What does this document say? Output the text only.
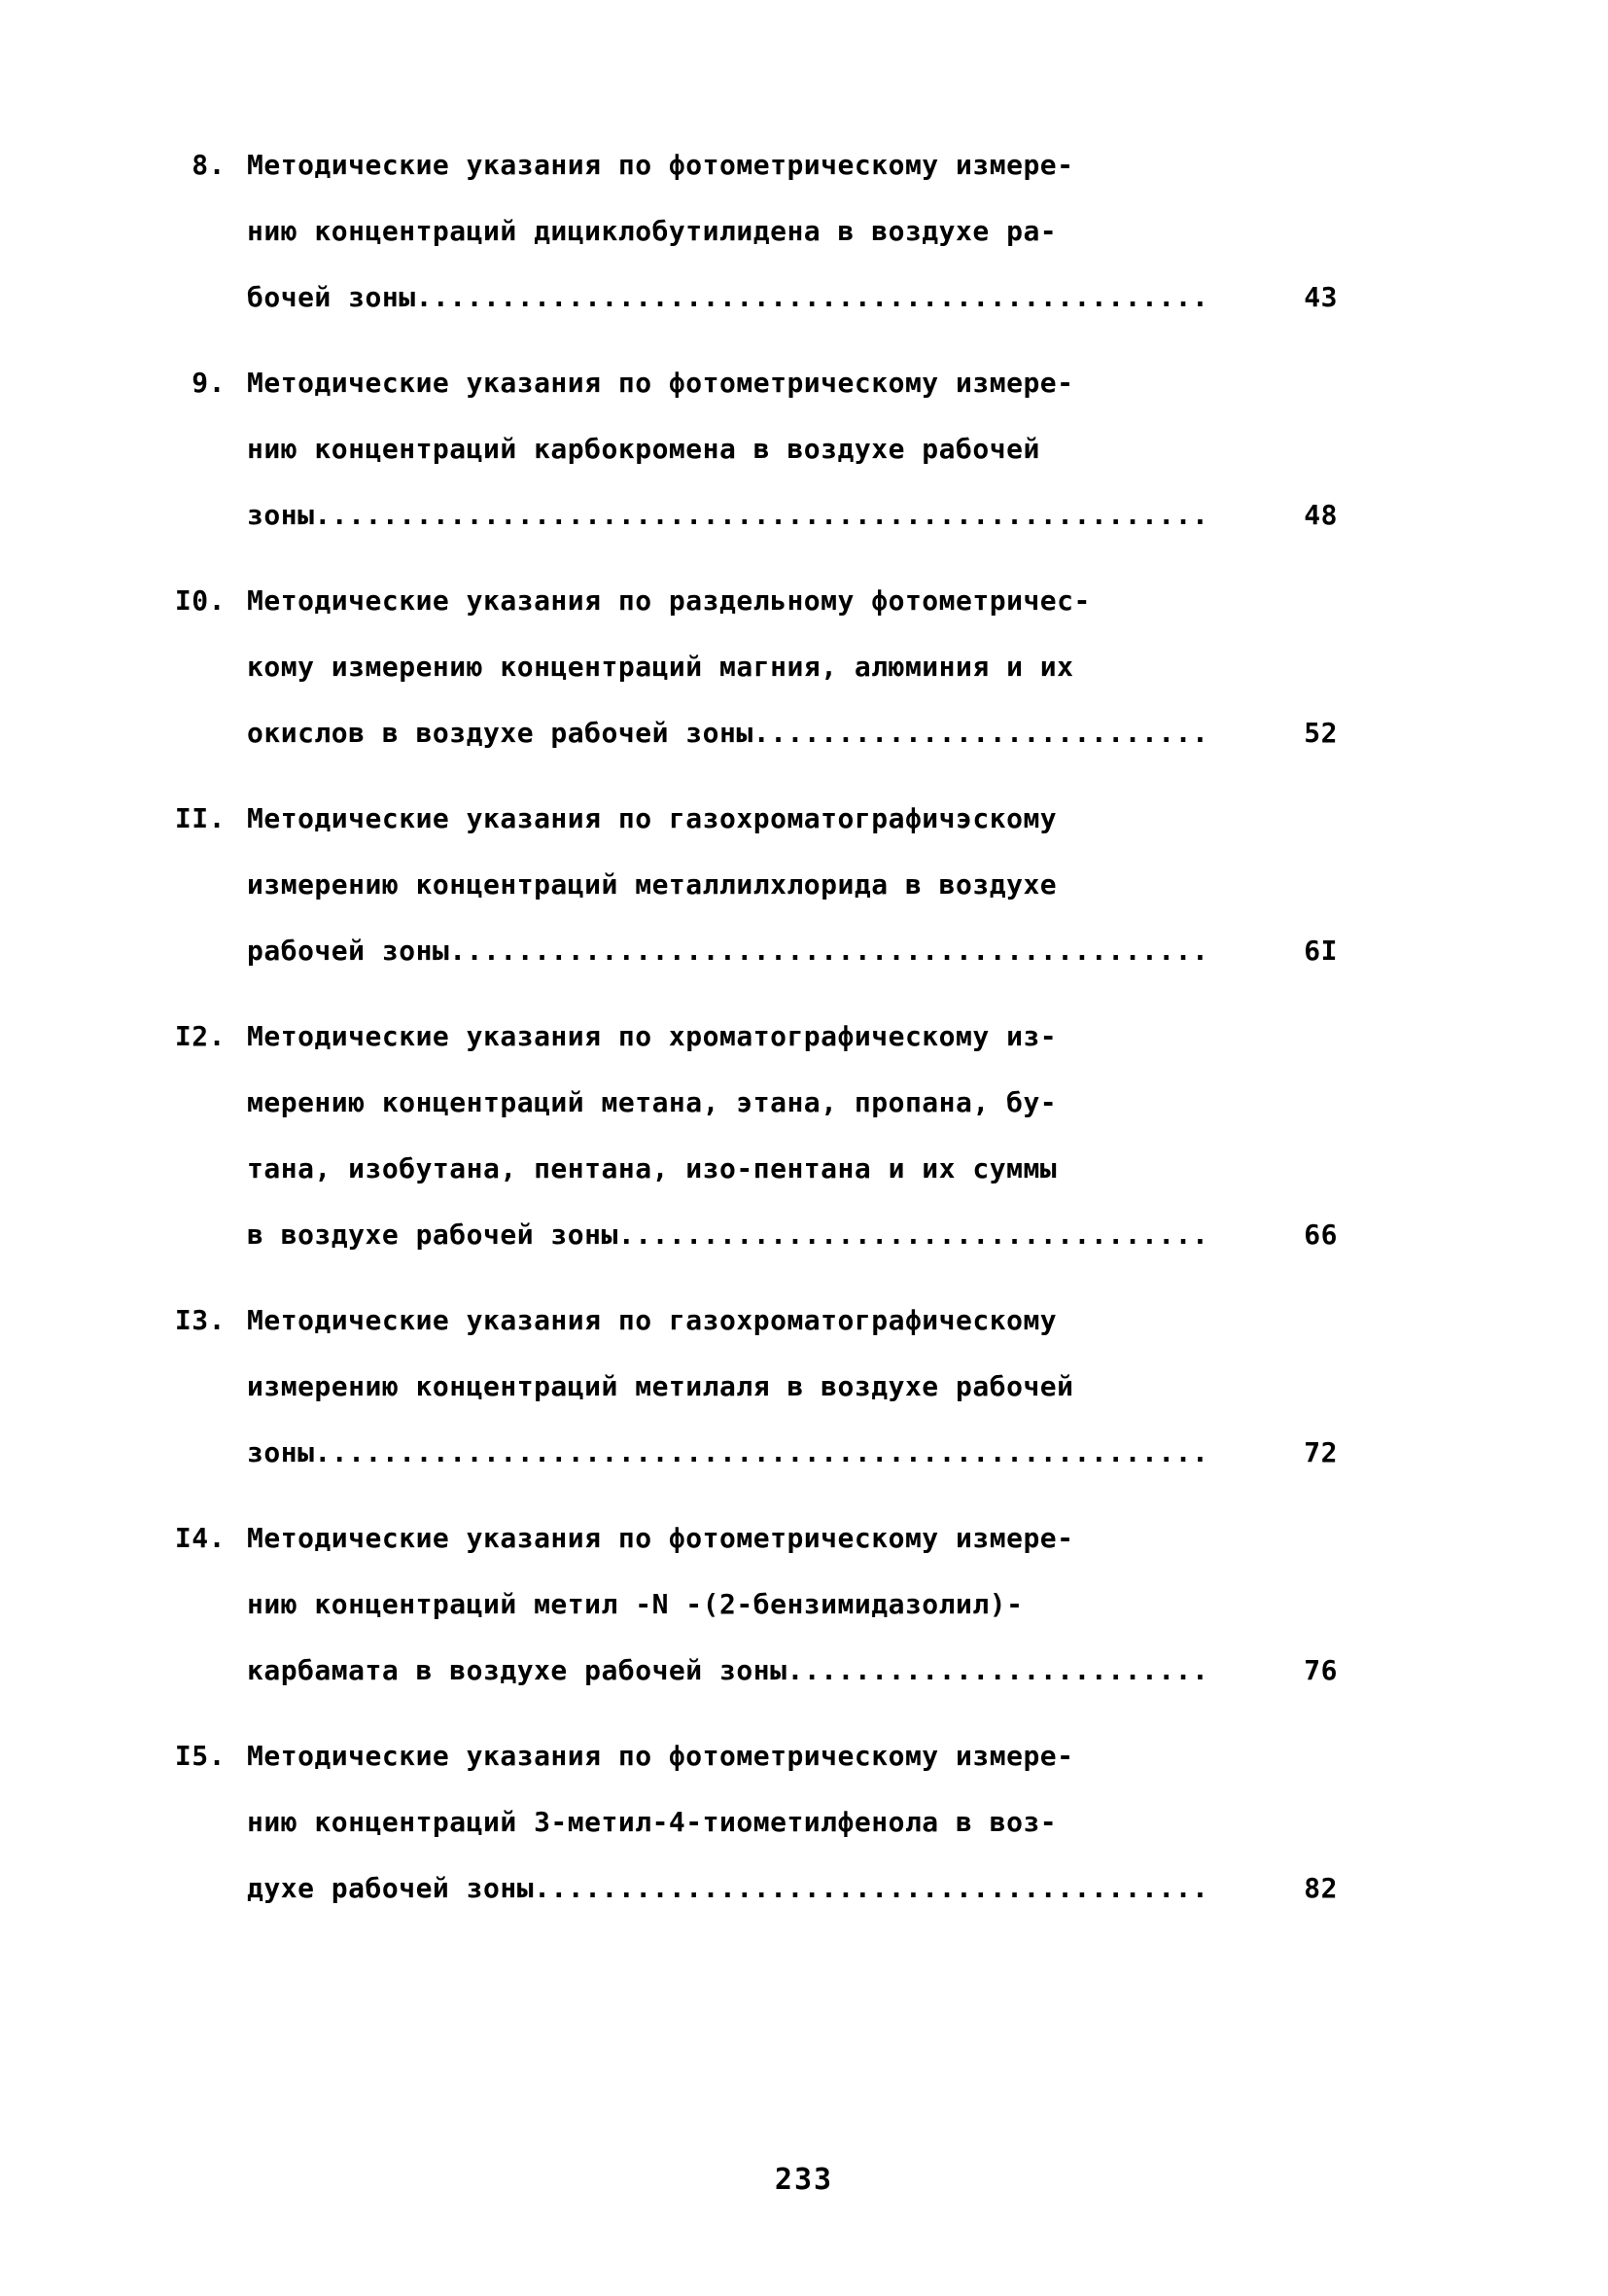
8. Методические указания по фотометрическому измере-
нию концентраций дициклобутилидена в воздухе ра-
бочей зоны...............................................	43
9. Методические указания по фотометрическому измере-
нию концентраций карбокромена в воздухе рабочей
зоны.....................................................	48
I0. Методические указания по раздельному фотометричес-
кому измерению концентраций магния, алюминия и их
окислов в воздухе рабочей зоны...........................	52
II. Методические указания по газохроматографичэскому
измерению концентраций металлилхлорида в воздухе
рабочей зоны.............................................	6I
I2. Методические указания по хроматографическому из-
мерению концентраций метана, этана, пропана, бу-
тана, изобутана, пентана, изо-пентана и их суммы
в воздухе рабочей зоны...................................	66
I3. Методические указания по газохроматографическому
измерению концентраций метилаля в воздухе рабочей
зоны.....................................................	72
I4. Методические указания по фотометрическому измере-
нию концентраций метил -N -(2-бензимидазолил)-
карбамата в воздухе рабочей зоны.........................	76
I5. Методические указания по фотометрическому измере-
нию концентраций 3-метил-4-тиометилфенола в воз-
духе рабочей зоны........................................	82
233
